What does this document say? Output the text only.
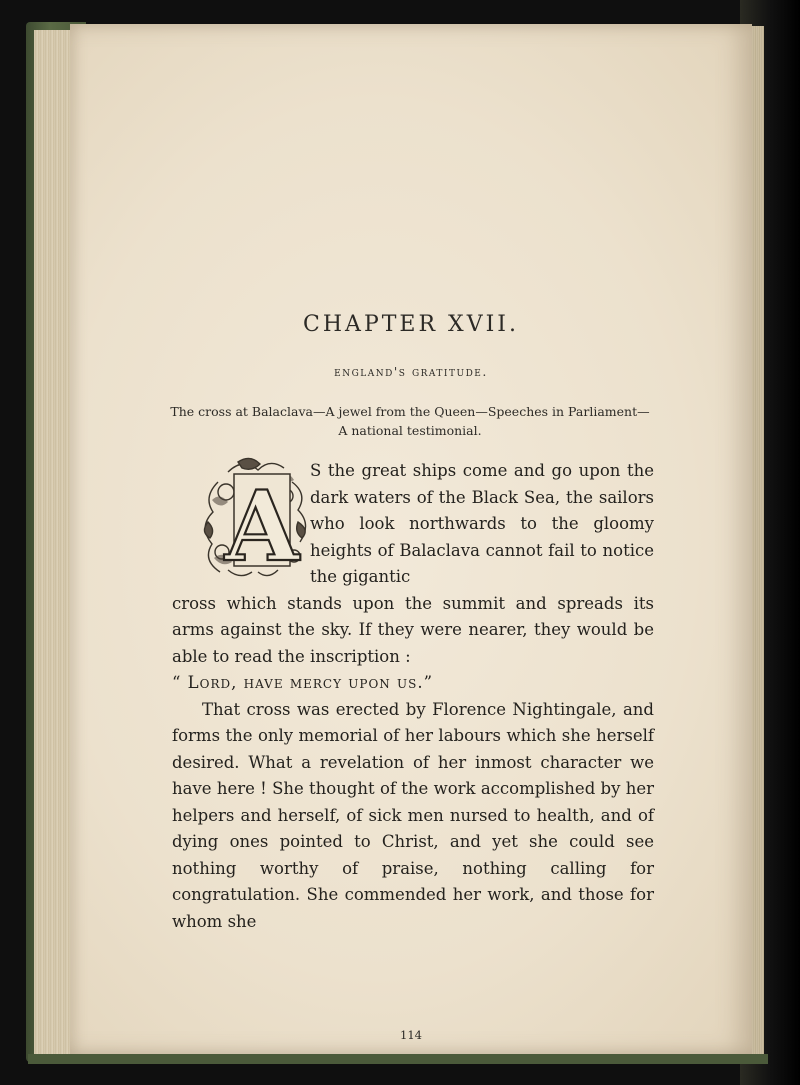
CHAPTER XVII.
england's gratitude.
The cross at Balaclava—A jewel from the Queen—Speeches in Parliament—A national testimonial.
A S the great ships come and go upon the dark waters of the Black Sea, the sailors who look northwards to the gloomy heights of Balaclava cannot fail to notice the gigantic

cross which stands upon the summit and spreads its arms against the sky. If they were nearer, they would be able to read the inscription :

“ Lord, have mercy upon us.”

That cross was erected by Florence Nightingale, and forms the only memorial of her labours which she herself desired. What a revelation of her inmost character we have here ! She thought of the work accomplished by her helpers and herself, of sick men nursed to health, and of dying ones pointed to Christ, and yet she could see nothing worthy of praise, nothing calling for congratulation. She commended her work, and those for whom she

114
